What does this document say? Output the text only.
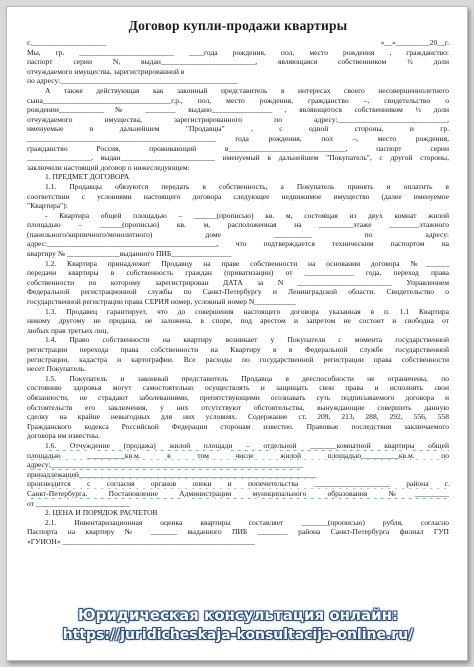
Договор купли-продажи квартиры
г.____________________ «__»_________20__г.
Мы, гр. _________________________ ____года рождения, пол, место рождения , гражданство:
паспорт серии N, выдан_________________________, являющаяся собственником ½ доли
отчуждаемого имущества, зарегистрированной в
по адресу:_______________________________________________
А также действующая как законный представитель в интересах своего несовершеннолетнего
сына__________________________________г.р., пол, место рождения, гражданство –, свидетельство о
рождении____________№ ________ выдано________________ , являющегося собственником ½ доли
отчуждаемого имущества, зарегистрированного по адресу:_____________________________,
именуемые в дальнейшем "Продавцы" , с одной стороны, и гр.
__________________________________________________ года рождения, пол –, место рождения,
гражданство Россия, проживающий в_______________________________, паспорт серии
_________________, выдан_________________________ именуемый в дальнейшем "Покупатель", с другой стороны,
заключили настоящий договор о нижеследующем:
1. ПРЕДМЕТ ДОГОВОРА
1.1. Продавцы обязуются передать в собственность, а Покупатель принять и оплатить в
соответствии с условиями настоящего договора следующее недвижимое имущество (далее именуемое
"Квартира"):
- Квартира общей площадью – ______(прописью) кв. м, состоящая из двух комнат жилой
площадью – ______(прописью) кв. м, расположенная на _________этаже ________этажного
(панельного/кирпичного/монолитного) доме __________ по адресу:
адрес:_____________________________________________, что подтверждается техническим паспортом на
квартиру № ______________выданного ПИБ________________
1.2. Квартира принадлежит Продавцу на праве собственности на основании договора №______
передачи квартиры в собственность граждан (приватизации) от _____________ года, переход права
собственности по которому зарегистрирован ДАТА за N _________________________ Управлением
Федеральной регистрационной службы по Санкт-Петербургу и Ленинградской области. Свидетельство о
государственной регистрации права СЕРИЯ номер, условный номер N___________
1.3. Продавец гарантирует, что до совершения настоящего договора указанная в п. 1.1 Квартира
никому другому не продана, не заложена, в споре, под арестом и запретом не состоит и свободна от
любых прав третьих лиц.
1.4. Право собственности на квартиру возникает у Покупателя с момента государственной
регистрации перехода права собственности на Квартиру в в Федеральной службе государственной
регистрации, кадастра и картографии. Все расходы по государственной регистрации права собственности
несет Покупатель.
1.5. Покупатель и законный представитель Продавца в дееспособности не ограничены, по
состоянию здоровья могут самостоятельно осуществлять и защищать свои права и исполнять свои
обязанности, не страдают заболеваниями, препятствующими осознавать суть подписываемого договора и
обстоятельств его заключения, у них отсутствуют обстоятельства, вынуждающие совершить данную
сделку на крайне невыгодных для них условиях. Содержание ст. 209, 213, 288, 292, 556, 558
Гражданского кодекса Российской Федерации сторонам известно. Правовые последствия заключаемого
договора им известны.
1.6. Отчуждение (продажа) жилой площади – отдельной _______комнатной квартиры общей
площадью __________кв.м. в том числе жилой площадью__________кв.м. по
адресу:___________________________________________________________________
принадлежащей_______________________________________________________________
производится с согласия органов опеки и попечительства ____________________ района г.
Санкт-Петербурга. Постановление Администрации муниципального образования №_________
от _________________________
2. ЦЕНА И ПОРЯДОК РАСЧЕТОВ
2.1. Инвентаризационная оценка квартиры составляет _______(прописью) рубля, согласно
Паспорта на квартиру № _______ выданного ПИБ ________ района Санкт-Петербурга филиал ГУП
«ГУИОН» ___________________________________________________
Юридическая консультация онлайн:
https://juridicheskaja-konsultacija-online.ru/
